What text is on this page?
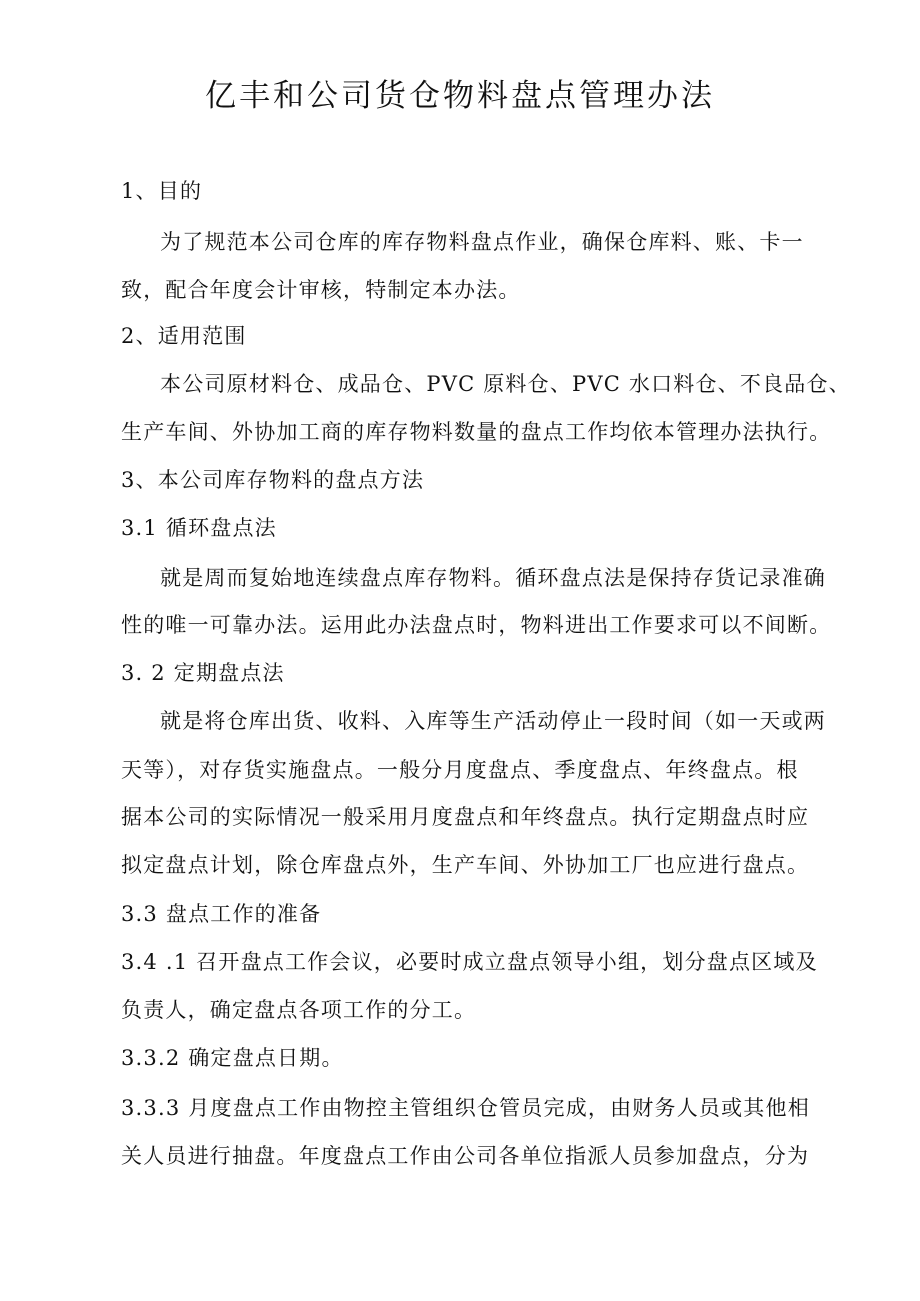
亿丰和公司货仓物料盘点管理办法
1、目的
为了规范本公司仓库的库存物料盘点作业，确保仓库料、账、卡一
致，配合年度会计审核，特制定本办法。
2、适用范围
本公司原材料仓、成品仓、PVC 原料仓、PVC 水口料仓、不良品仓、
生产车间、外协加工商的库存物料数量的盘点工作均依本管理办法执行。
3、本公司库存物料的盘点方法
3.1 循环盘点法
就是周而复始地连续盘点库存物料。循环盘点法是保持存货记录准确
性的唯一可靠办法。运用此办法盘点时，物料进出工作要求可以不间断。
3. 2 定期盘点法
就是将仓库出货、收料、入库等生产活动停止一段时间（如一天或两
天等），对存货实施盘点。一般分月度盘点、季度盘点、年终盘点。根
据本公司的实际情况一般采用月度盘点和年终盘点。执行定期盘点时应
拟定盘点计划，除仓库盘点外，生产车间、外协加工厂也应进行盘点。
3.3 盘点工作的准备
3.4 .1 召开盘点工作会议，必要时成立盘点领导小组，划分盘点区域及
负责人，确定盘点各项工作的分工。
3.3.2 确定盘点日期。
3.3.3 月度盘点工作由物控主管组织仓管员完成，由财务人员或其他相
关人员进行抽盘。年度盘点工作由公司各单位指派人员参加盘点，分为
